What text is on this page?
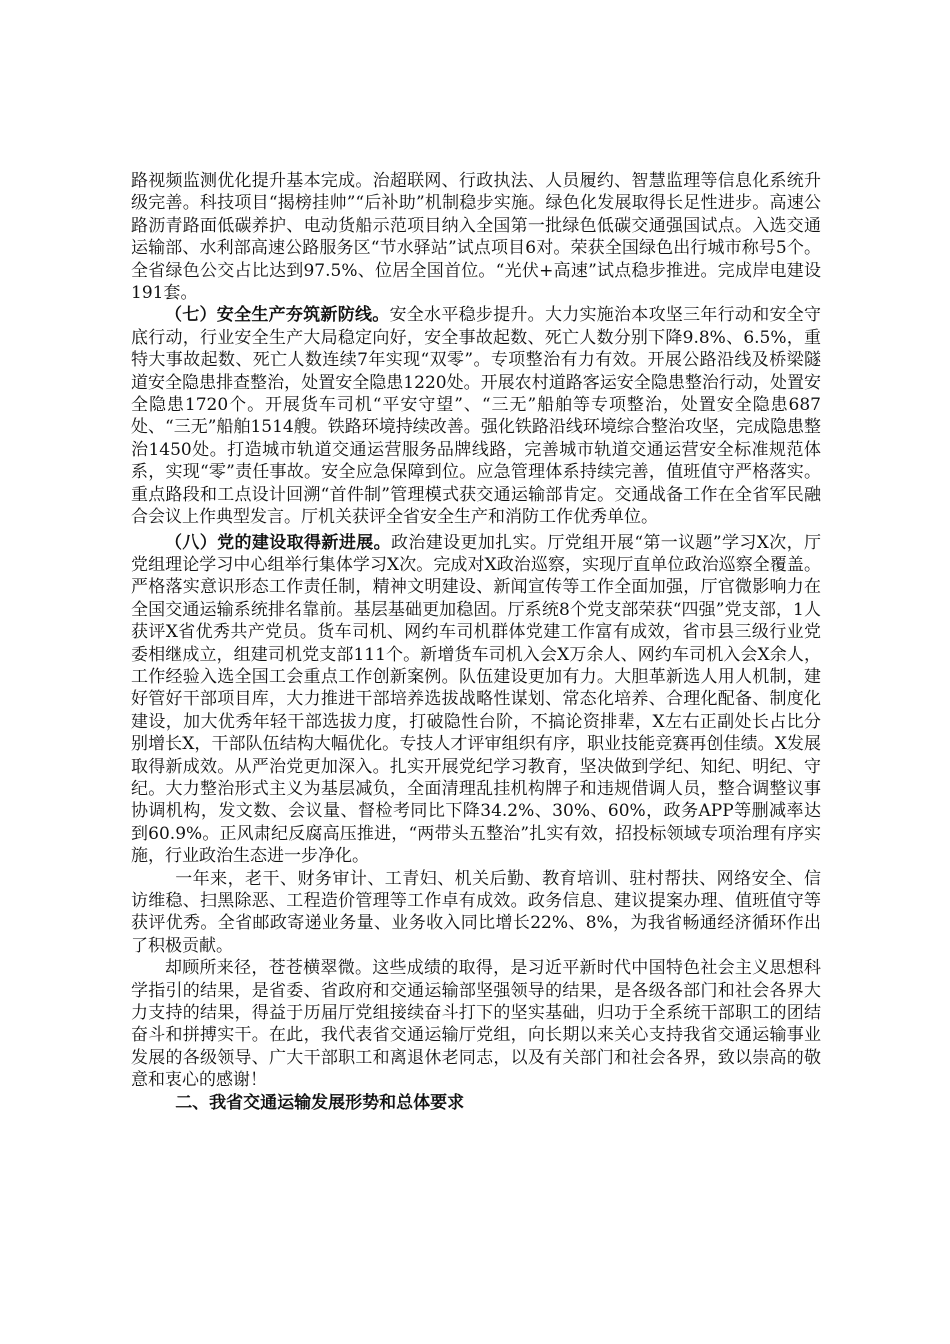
路视频监测优化提升基本完成。治超联网、行政执法、人员履约、智慧监理等信息化系统升级完善。科技项目“揭榜挂帅”“后补助”机制稳步实施。绿色化发展取得长足性进步。高速公路沥青路面低碳养护、电动货船示范项目纳入全国第一批绿色低碳交通强国试点。入选交通运输部、水利部高速公路服务区“节水驿站”试点项目6对。荣获全国绿色出行城市称号5个。全省绿色公交占比达到97.5%、位居全国首位。“光伏+高速”试点稳步推进。完成岸电建设191套。

（七）安全生产夯筑新防线。安全水平稳步提升。大力实施治本攻坚三年行动和安全守底行动，行业安全生产大局稳定向好，安全事故起数、死亡人数分别下降9.8%、6.5%，重特大事故起数、死亡人数连续7年实现“双零”。专项整治有力有效。开展公路沿线及桥梁隧道安全隐患排查整治，处置安全隐患1220处。开展农村道路客运安全隐患整治行动，处置安全隐患1720个。开展货车司机“平安守望”、“三无”船舶等专项整治，处置安全隐患687处、“三无”船舶1514艘。铁路环境持续改善。强化铁路沿线环境综合整治攻坚，完成隐患整治1450处。打造城市轨道交通运营服务品牌线路，完善城市轨道交通运营安全标准规范体系，实现“零”责任事故。安全应急保障到位。应急管理体系持续完善，值班值守严格落实。重点路段和工点设计回溯“首件制”管理模式获交通运输部肯定。交通战备工作在全省军民融合会议上作典型发言。厅机关获评全省安全生产和消防工作优秀单位。

（八）党的建设取得新进展。政治建设更加扎实。厅党组开展“第一议题”学习X次，厅党组理论学习中心组举行集体学习X次。完成对X政治巡察，实现厅直单位政治巡察全覆盖。严格落实意识形态工作责任制，精神文明建设、新闻宣传等工作全面加强，厅官微影响力在全国交通运输系统排名靠前。基层基础更加稳固。厅系统8个党支部荣获“四强”党支部，1人获评X省优秀共产党员。货车司机、网约车司机群体党建工作富有成效，省市县三级行业党委相继成立，组建司机党支部111个。新增货车司机入会X万余人、网约车司机入会X余人，工作经验入选全国工会重点工作创新案例。队伍建设更加有力。大胆革新选人用人机制，建好管好干部项目库，大力推进干部培养选拔战略性谋划、常态化培养、合理化配备、制度化建设，加大优秀年轻干部选拔力度，打破隐性台阶，不搞论资排辈，X左右正副处长占比分别增长X，干部队伍结构大幅优化。专技人才评审组织有序，职业技能竞赛再创佳绩。X发展取得新成效。从严治党更加深入。扎实开展党纪学习教育，坚决做到学纪、知纪、明纪、守纪。大力整治形式主义为基层减负，全面清理乱挂机构牌子和违规借调人员，整合调整议事协调机构，发文数、会议量、督检考同比下降34.2%、30%、60%，政务APP等删减率达到60.9%。正风肃纪反腐高压推进，“两带头五整治”扎实有效，招投标领域专项治理有序实施，行业政治生态进一步净化。

一年来，老干、财务审计、工青妇、机关后勤、教育培训、驻村帮扶、网络安全、信访维稳、扫黑除恶、工程造价管理等工作卓有成效。政务信息、建议提案办理、值班值守等获评优秀。全省邮政寄递业务量、业务收入同比增长22%、8%，为我省畅通经济循环作出了积极贡献。

却顾所来径，苍苍横翠微。这些成绩的取得，是习近平新时代中国特色社会主义思想科学指引的结果，是省委、省政府和交通运输部坚强领导的结果，是各级各部门和社会各界大力支持的结果，得益于历届厅党组接续奋斗打下的坚实基础，归功于全系统干部职工的团结奋斗和拼搏实干。在此，我代表省交通运输厅党组，向长期以来关心支持我省交通运输事业发展的各级领导、广大干部职工和离退休老同志，以及有关部门和社会各界，致以崇高的敬意和衷心的感谢！

二、我省交通运输发展形势和总体要求
